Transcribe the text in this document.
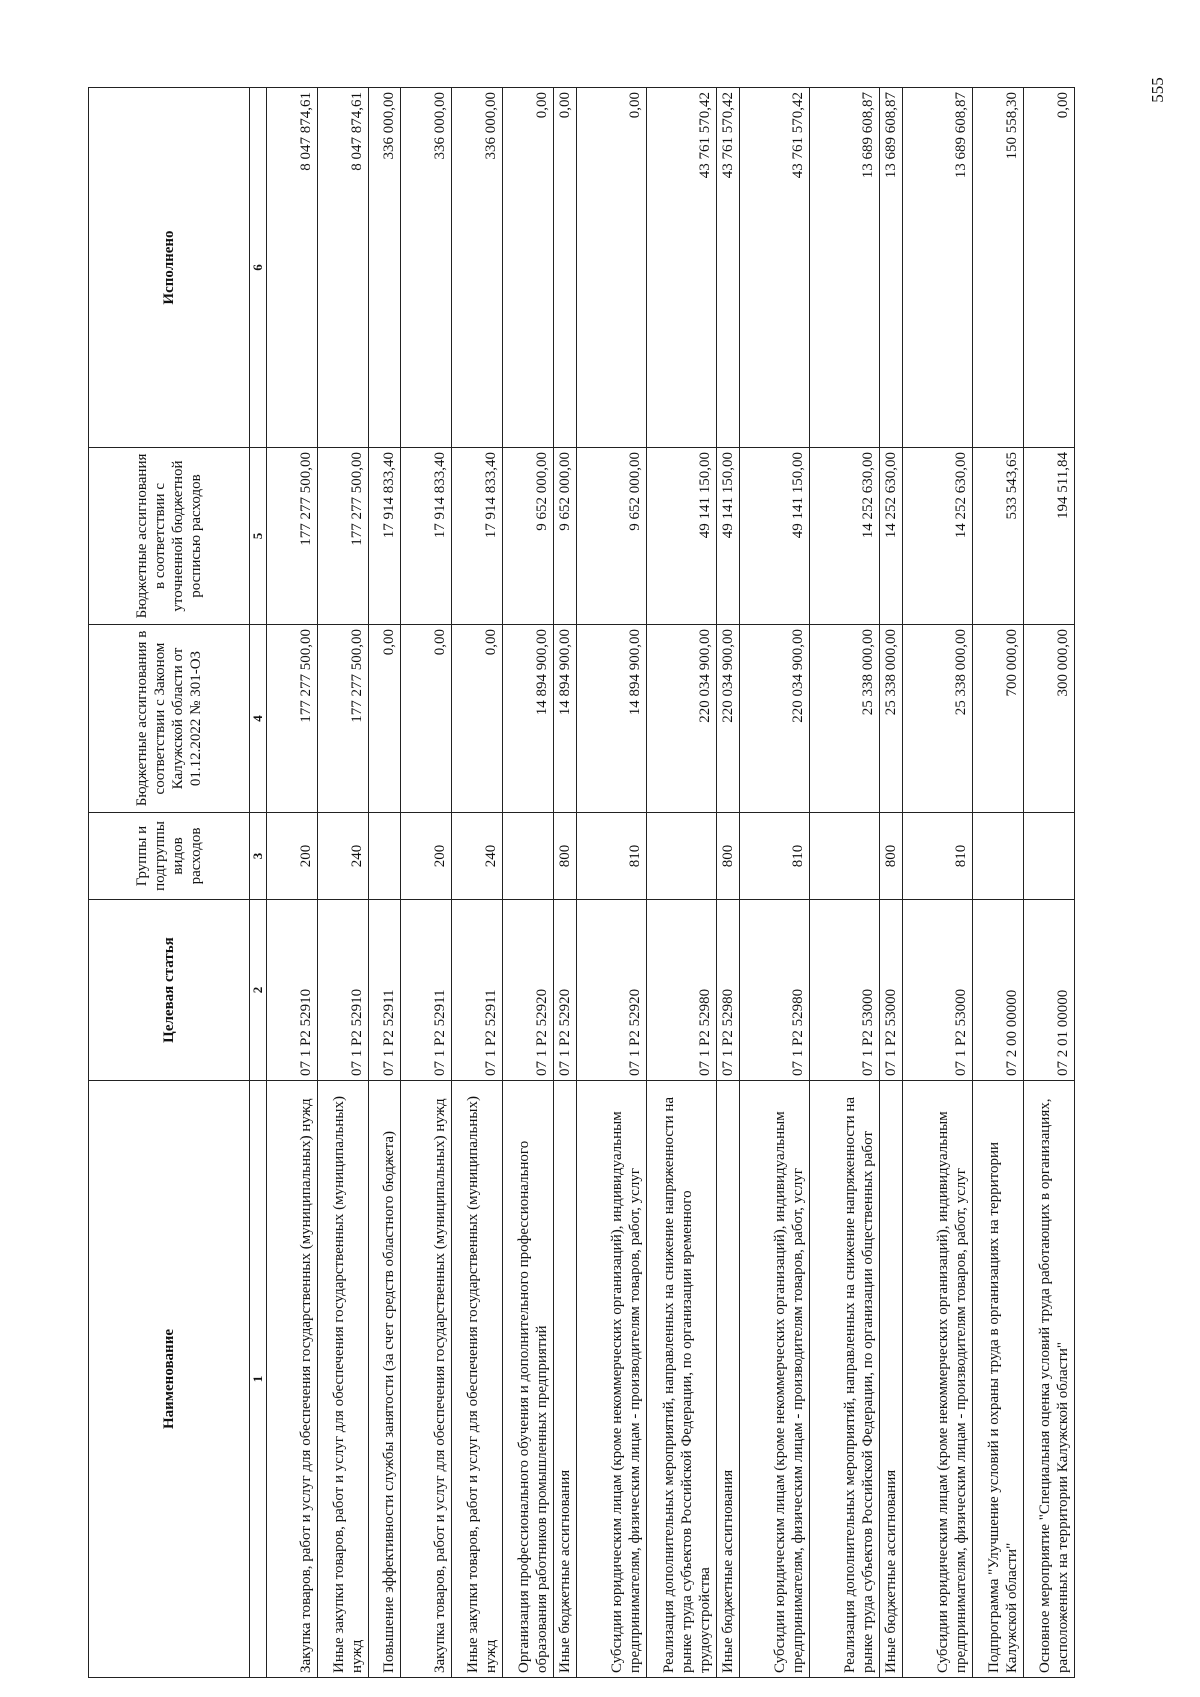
555
Наименование	Целевая статья	Группы и подгруппы видов расходов	Бюджетные ассигнования в соответствии с Законом Калужской области от 01.12.2022 № 301-ОЗ	Бюджетные ассигнования в соответствии с уточненной бюджетной росписью расходов	Исполнено
1	2	3	4	5	6
Закупка товаров, работ и услуг для обеспечения государственных (муниципальных) нужд	07 1 P2 52910	200	177 277 500,00	177 277 500,00	8 047 874,61
Иные закупки товаров, работ и услуг для обеспечения государственных (муниципальных) нужд	07 1 P2 52910	240	177 277 500,00	177 277 500,00	8 047 874,61
Повышение эффективности службы занятости (за счет средств областного бюджета)	07 1 P2 52911		0,00	17 914 833,40	336 000,00
Закупка товаров, работ и услуг для обеспечения государственных (муниципальных) нужд	07 1 P2 52911	200	0,00	17 914 833,40	336 000,00
Иные закупки товаров, работ и услуг для обеспечения государственных (муниципальных) нужд	07 1 P2 52911	240	0,00	17 914 833,40	336 000,00
Организация профессионального обучения и дополнительного профессионального образования работников промышленных предприятий	07 1 P2 52920		14 894 900,00	9 652 000,00	0,00
Иные бюджетные ассигнования	07 1 P2 52920	800	14 894 900,00	9 652 000,00	0,00
Субсидии юридическим лицам (кроме некоммерческих организаций), индивидуальным предпринимателям, физическим лицам - производителям товаров, работ, услуг	07 1 P2 52920	810	14 894 900,00	9 652 000,00	0,00
Реализация дополнительных мероприятий, направленных на снижение напряженности на рынке труда субъектов Российской Федерации, по организации временного трудоустройства	07 1 P2 52980		220 034 900,00	49 141 150,00	43 761 570,42
Иные бюджетные ассигнования	07 1 P2 52980	800	220 034 900,00	49 141 150,00	43 761 570,42
Субсидии юридическим лицам (кроме некоммерческих организаций), индивидуальным предпринимателям, физическим лицам - производителям товаров, работ, услуг	07 1 P2 52980	810	220 034 900,00	49 141 150,00	43 761 570,42
Реализация дополнительных мероприятий, направленных на снижение напряженности на рынке труда субъектов Российской Федерации, по организации общественных работ	07 1 P2 53000		25 338 000,00	14 252 630,00	13 689 608,87
Иные бюджетные ассигнования	07 1 P2 53000	800	25 338 000,00	14 252 630,00	13 689 608,87
Субсидии юридическим лицам (кроме некоммерческих организаций), индивидуальным предпринимателям, физическим лицам - производителям товаров, работ, услуг	07 1 P2 53000	810	25 338 000,00	14 252 630,00	13 689 608,87
Подпрограмма "Улучшение условий и охраны труда в организациях на территории Калужской области"	07 2 00 00000		700 000,00	533 543,65	150 558,30
Основное мероприятие "Специальная оценка условий труда работающих в организациях, расположенных на территории Калужской области"	07 2 01 00000		300 000,00	194 511,84	0,00
